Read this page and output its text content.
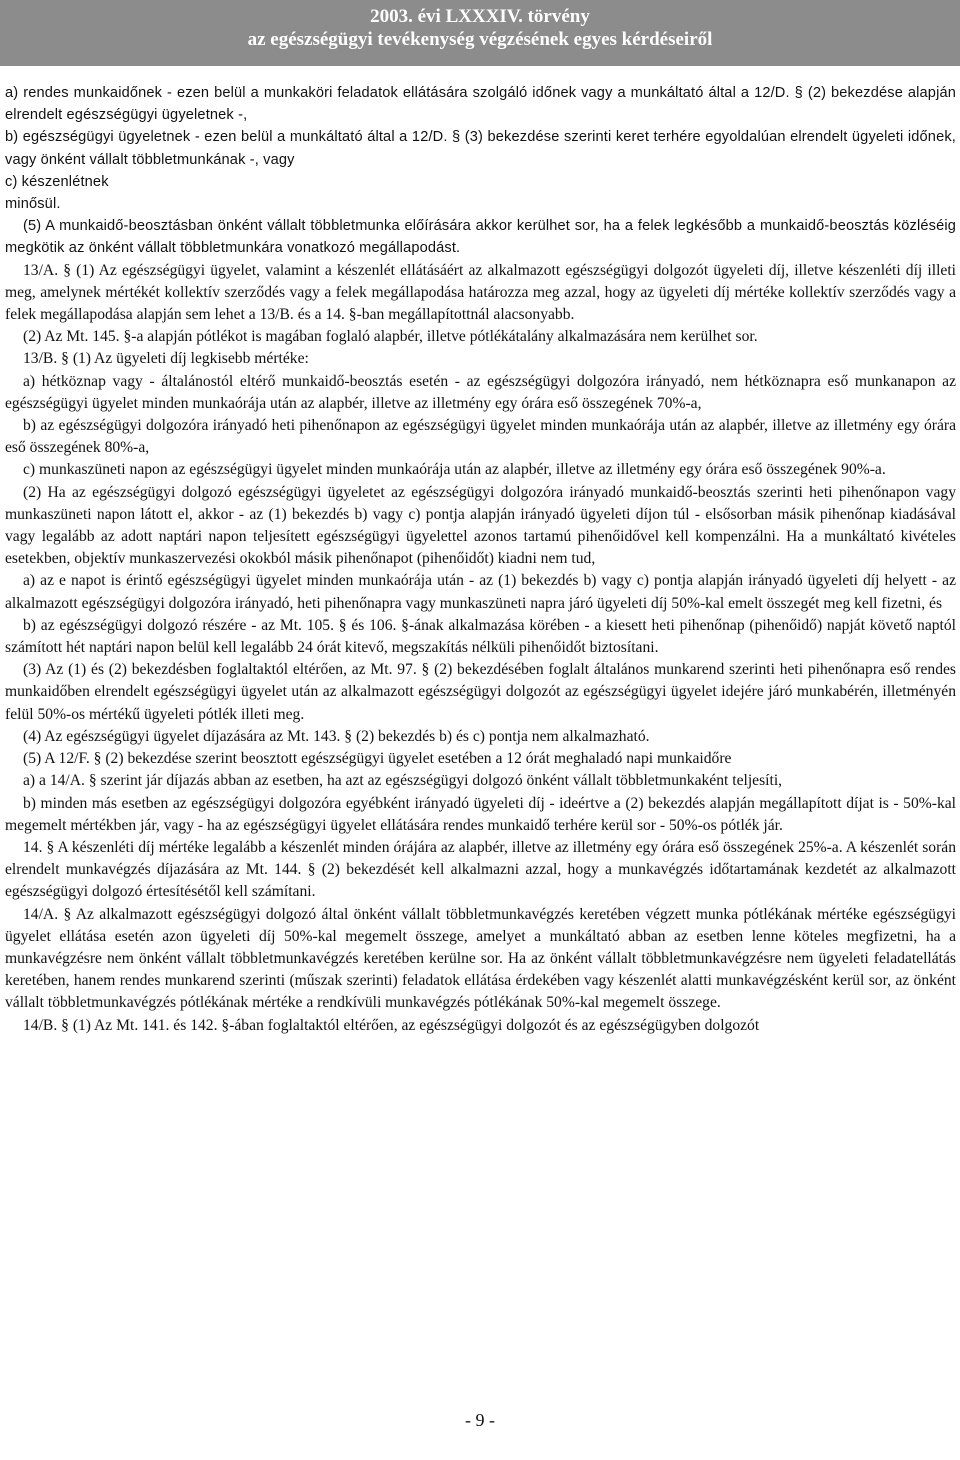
2003. évi LXXXIV. törvény
az egészségügyi tevékenység végzésének egyes kérdéseiről

a) rendes munkaidőnek - ezen belül a munkaköri feladatok ellátására szolgáló időnek vagy a munkáltató által a 12/D. § (2) bekezdése alapján elrendelt egészségügyi ügyeletnek -,

b) egészségügyi ügyeletnek - ezen belül a munkáltató által a 12/D. § (3) bekezdése szerinti keret terhére egyoldalúan elrendelt ügyeleti időnek, vagy önként vállalt többletmunkának -, vagy

c) készenlétnek

minősül.

(5) A munkaidő-beosztásban önként vállalt többletmunka előírására akkor kerülhet sor, ha a felek legkésőbb a munkaidő-beosztás közléséig megkötik az önként vállalt többletmunkára vonatkozó megállapodást.

13/A. § (1) Az egészségügyi ügyelet, valamint a készenlét ellátásáért az alkalmazott egészségügyi dolgozót ügyeleti díj, illetve készenléti díj illeti meg, amelynek mértékét kollektív szerződés vagy a felek megállapodása határozza meg azzal, hogy az ügyeleti díj mértéke kollektív szerződés vagy a felek megállapodása alapján sem lehet a 13/B. és a 14. §-ban megállapítottnál alacsonyabb.

(2) Az Mt. 145. §-a alapján pótlékot is magában foglaló alapbér, illetve pótlékátalány alkalmazására nem kerülhet sor.

13/B. § (1) Az ügyeleti díj legkisebb mértéke:

a) hétköznap vagy - általánostól eltérő munkaidő-beosztás esetén - az egészségügyi dolgozóra irányadó, nem hétköznapra eső munkanapon az egészségügyi ügyelet minden munkaórája után az alapbér, illetve az illetmény egy órára eső összegének 70%-a,

b) az egészségügyi dolgozóra irányadó heti pihenőnapon az egészségügyi ügyelet minden munkaórája után az alapbér, illetve az illetmény egy órára eső összegének 80%-a,

c) munkaszüneti napon az egészségügyi ügyelet minden munkaórája után az alapbér, illetve az illetmény egy órára eső összegének 90%-a.

(2) Ha az egészségügyi dolgozó egészségügyi ügyeletet az egészségügyi dolgozóra irányadó munkaidő-beosztás szerinti heti pihenőnapon vagy munkaszüneti napon látott el, akkor - az (1) bekezdés b) vagy c) pontja alapján irányadó ügyeleti díjon túl - elsősorban másik pihenőnap kiadásával vagy legalább az adott naptári napon teljesített egészségügyi ügyelettel azonos tartamú pihenőidővel kell kompenzálni. Ha a munkáltató kivételes esetekben, objektív munkaszervezési okokból másik pihenőnapot (pihenőidőt) kiadni nem tud,

a) az e napot is érintő egészségügyi ügyelet minden munkaórája után - az (1) bekezdés b) vagy c) pontja alapján irányadó ügyeleti díj helyett - az alkalmazott egészségügyi dolgozóra irányadó, heti pihenőnapra vagy munkaszüneti napra járó ügyeleti díj 50%-kal emelt összegét meg kell fizetni, és

b) az egészségügyi dolgozó részére - az Mt. 105. § és 106. §-ának alkalmazása körében - a kiesett heti pihenőnap (pihenőidő) napját követő naptól számított hét naptári napon belül kell legalább 24 órát kitevő, megszakítás nélküli pihenőidőt biztosítani.

(3) Az (1) és (2) bekezdésben foglaltaktól eltérően, az Mt. 97. § (2) bekezdésében foglalt általános munkarend szerinti heti pihenőnapra eső rendes munkaidőben elrendelt egészségügyi ügyelet után az alkalmazott egészségügyi dolgozót az egészségügyi ügyelet idejére járó munkabérén, illetményén felül 50%-os mértékű ügyeleti pótlék illeti meg.

(4) Az egészségügyi ügyelet díjazására az Mt. 143. § (2) bekezdés b) és c) pontja nem alkalmazható.

(5) A 12/F. § (2) bekezdése szerint beosztott egészségügyi ügyelet esetében a 12 órát meghaladó napi munkaidőre

a) a 14/A. § szerint jár díjazás abban az esetben, ha azt az egészségügyi dolgozó önként vállalt többletmunkaként teljesíti,

b) minden más esetben az egészségügyi dolgozóra egyébként irányadó ügyeleti díj - ideértve a (2) bekezdés alapján megállapított díjat is - 50%-kal megemelt mértékben jár, vagy - ha az egészségügyi ügyelet ellátására rendes munkaidő terhére kerül sor - 50%-os pótlék jár.

14. § A készenléti díj mértéke legalább a készenlét minden órájára az alapbér, illetve az illetmény egy órára eső összegének 25%-a. A készenlét során elrendelt munkavégzés díjazására az Mt. 144. § (2) bekezdését kell alkalmazni azzal, hogy a munkavégzés időtartamának kezdetét az alkalmazott egészségügyi dolgozó értesítésétől kell számítani.

14/A. § Az alkalmazott egészségügyi dolgozó által önként vállalt többletmunkavégzés keretében végzett munka pótlékának mértéke egészségügyi ügyelet ellátása esetén azon ügyeleti díj 50%-kal megemelt összege, amelyet a munkáltató abban az esetben lenne köteles megfizetni, ha a munkavégzésre nem önként vállalt többletmunkavégzés keretében kerülne sor. Ha az önként vállalt többletmunkavégzésre nem ügyeleti feladatellátás keretében, hanem rendes munkarend szerinti (műszak szerinti) feladatok ellátása érdekében vagy készenlét alatti munkavégzésként kerül sor, az önként vállalt többletmunkavégzés pótlékának mértéke a rendkívüli munkavégzés pótlékának 50%-kal megemelt összege.

14/B. § (1) Az Mt. 141. és 142. §-ában foglaltaktól eltérően, az egészségügyi dolgozót és az egészségügyben dolgozót

- 9 -
